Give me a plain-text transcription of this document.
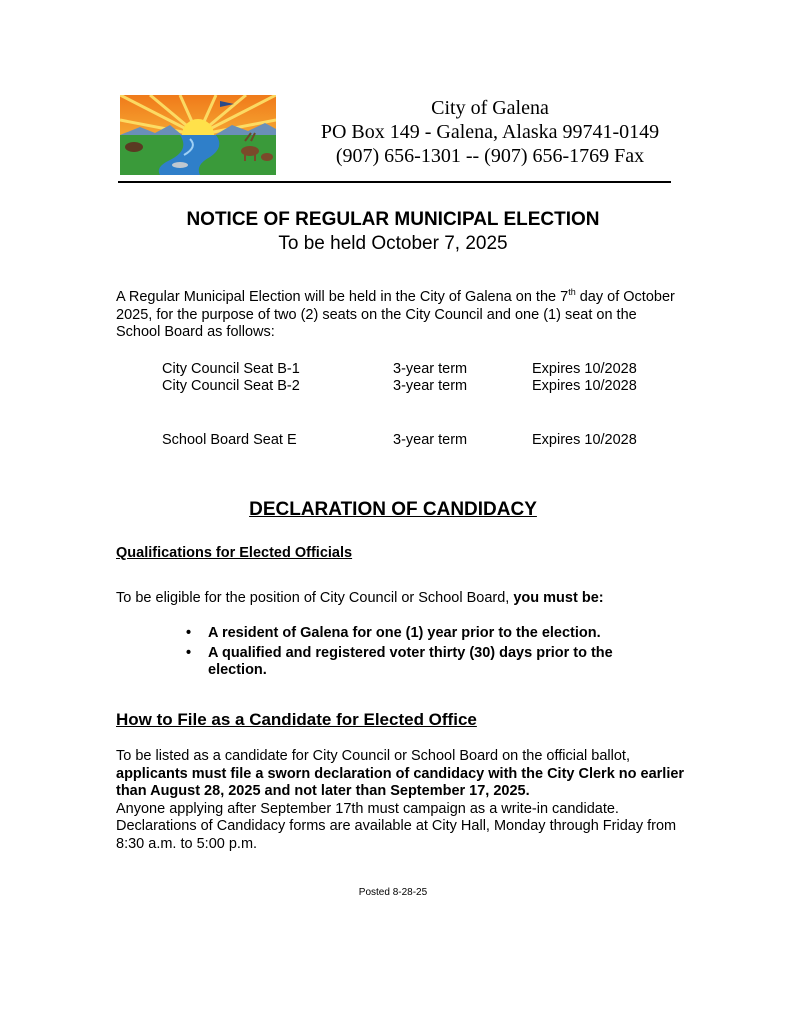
City of Galena
PO Box 149 - Galena, Alaska 99741-0149
(907) 656-1301 -- (907) 656-1769 Fax
NOTICE OF REGULAR MUNICIPAL ELECTION
To be held October 7, 2025
A Regular Municipal Election will be held in the City of Galena on the 7th day of October 2025, for the purpose of two (2) seats on the City Council and one (1) seat on the School Board as follows:
City Council Seat B-1	3-year term	Expires 10/2028
City Council Seat B-2	3-year term	Expires 10/2028
School Board Seat E	3-year term	Expires 10/2028
DECLARATION OF CANDIDACY
Qualifications for Elected Officials
To be eligible for the position of City Council or School Board, you must be:
• A resident of Galena for one (1) year prior to the election.
• A qualified and registered voter thirty (30) days prior to the election.
How to File as a Candidate for Elected Office
To be listed as a candidate for City Council or School Board on the official ballot, applicants must file a sworn declaration of candidacy with the City Clerk no earlier than August 28, 2025 and not later than September 17, 2025.
Anyone applying after September 17th must campaign as a write-in candidate. Declarations of Candidacy forms are available at City Hall, Monday through Friday from 8:30 a.m. to 5:00 p.m.
Posted 8-28-25
